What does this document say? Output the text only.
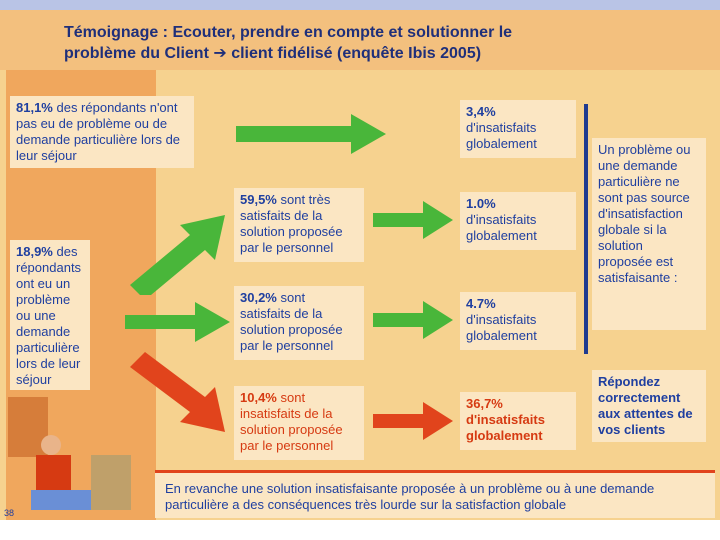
Témoignage : Ecouter, prendre en compte et solutionner le
problème du Client ➔ client fidélisé (enquête Ibis 2005)
81,1% des répondants n'ont pas eu de problème ou de demande particulière lors de leur séjour
18,9% des répondants ont eu un problème ou une demande particulière lors de leur séjour
59,5% sont très satisfaits de la solution proposée par le personnel
30,2% sont satisfaits de la solution proposée par le personnel
10,4% sont insatisfaits de la solution proposée par le personnel
3,4%
d'insatisfaits globalement
1.0%
d'insatisfaits globalement
4.7%
d'insatisfaits globalement
36,7%
d'insatisfaits globalement
Un problème ou une demande particulière ne sont pas source d'insatisfaction globale si la solution proposée est satisfaisante :
Répondez correctement aux attentes de vos clients
En revanche une solution insatisfaisante proposée à un problème ou à une demande particulière a des conséquences très lourde sur la satisfaction globale
38
